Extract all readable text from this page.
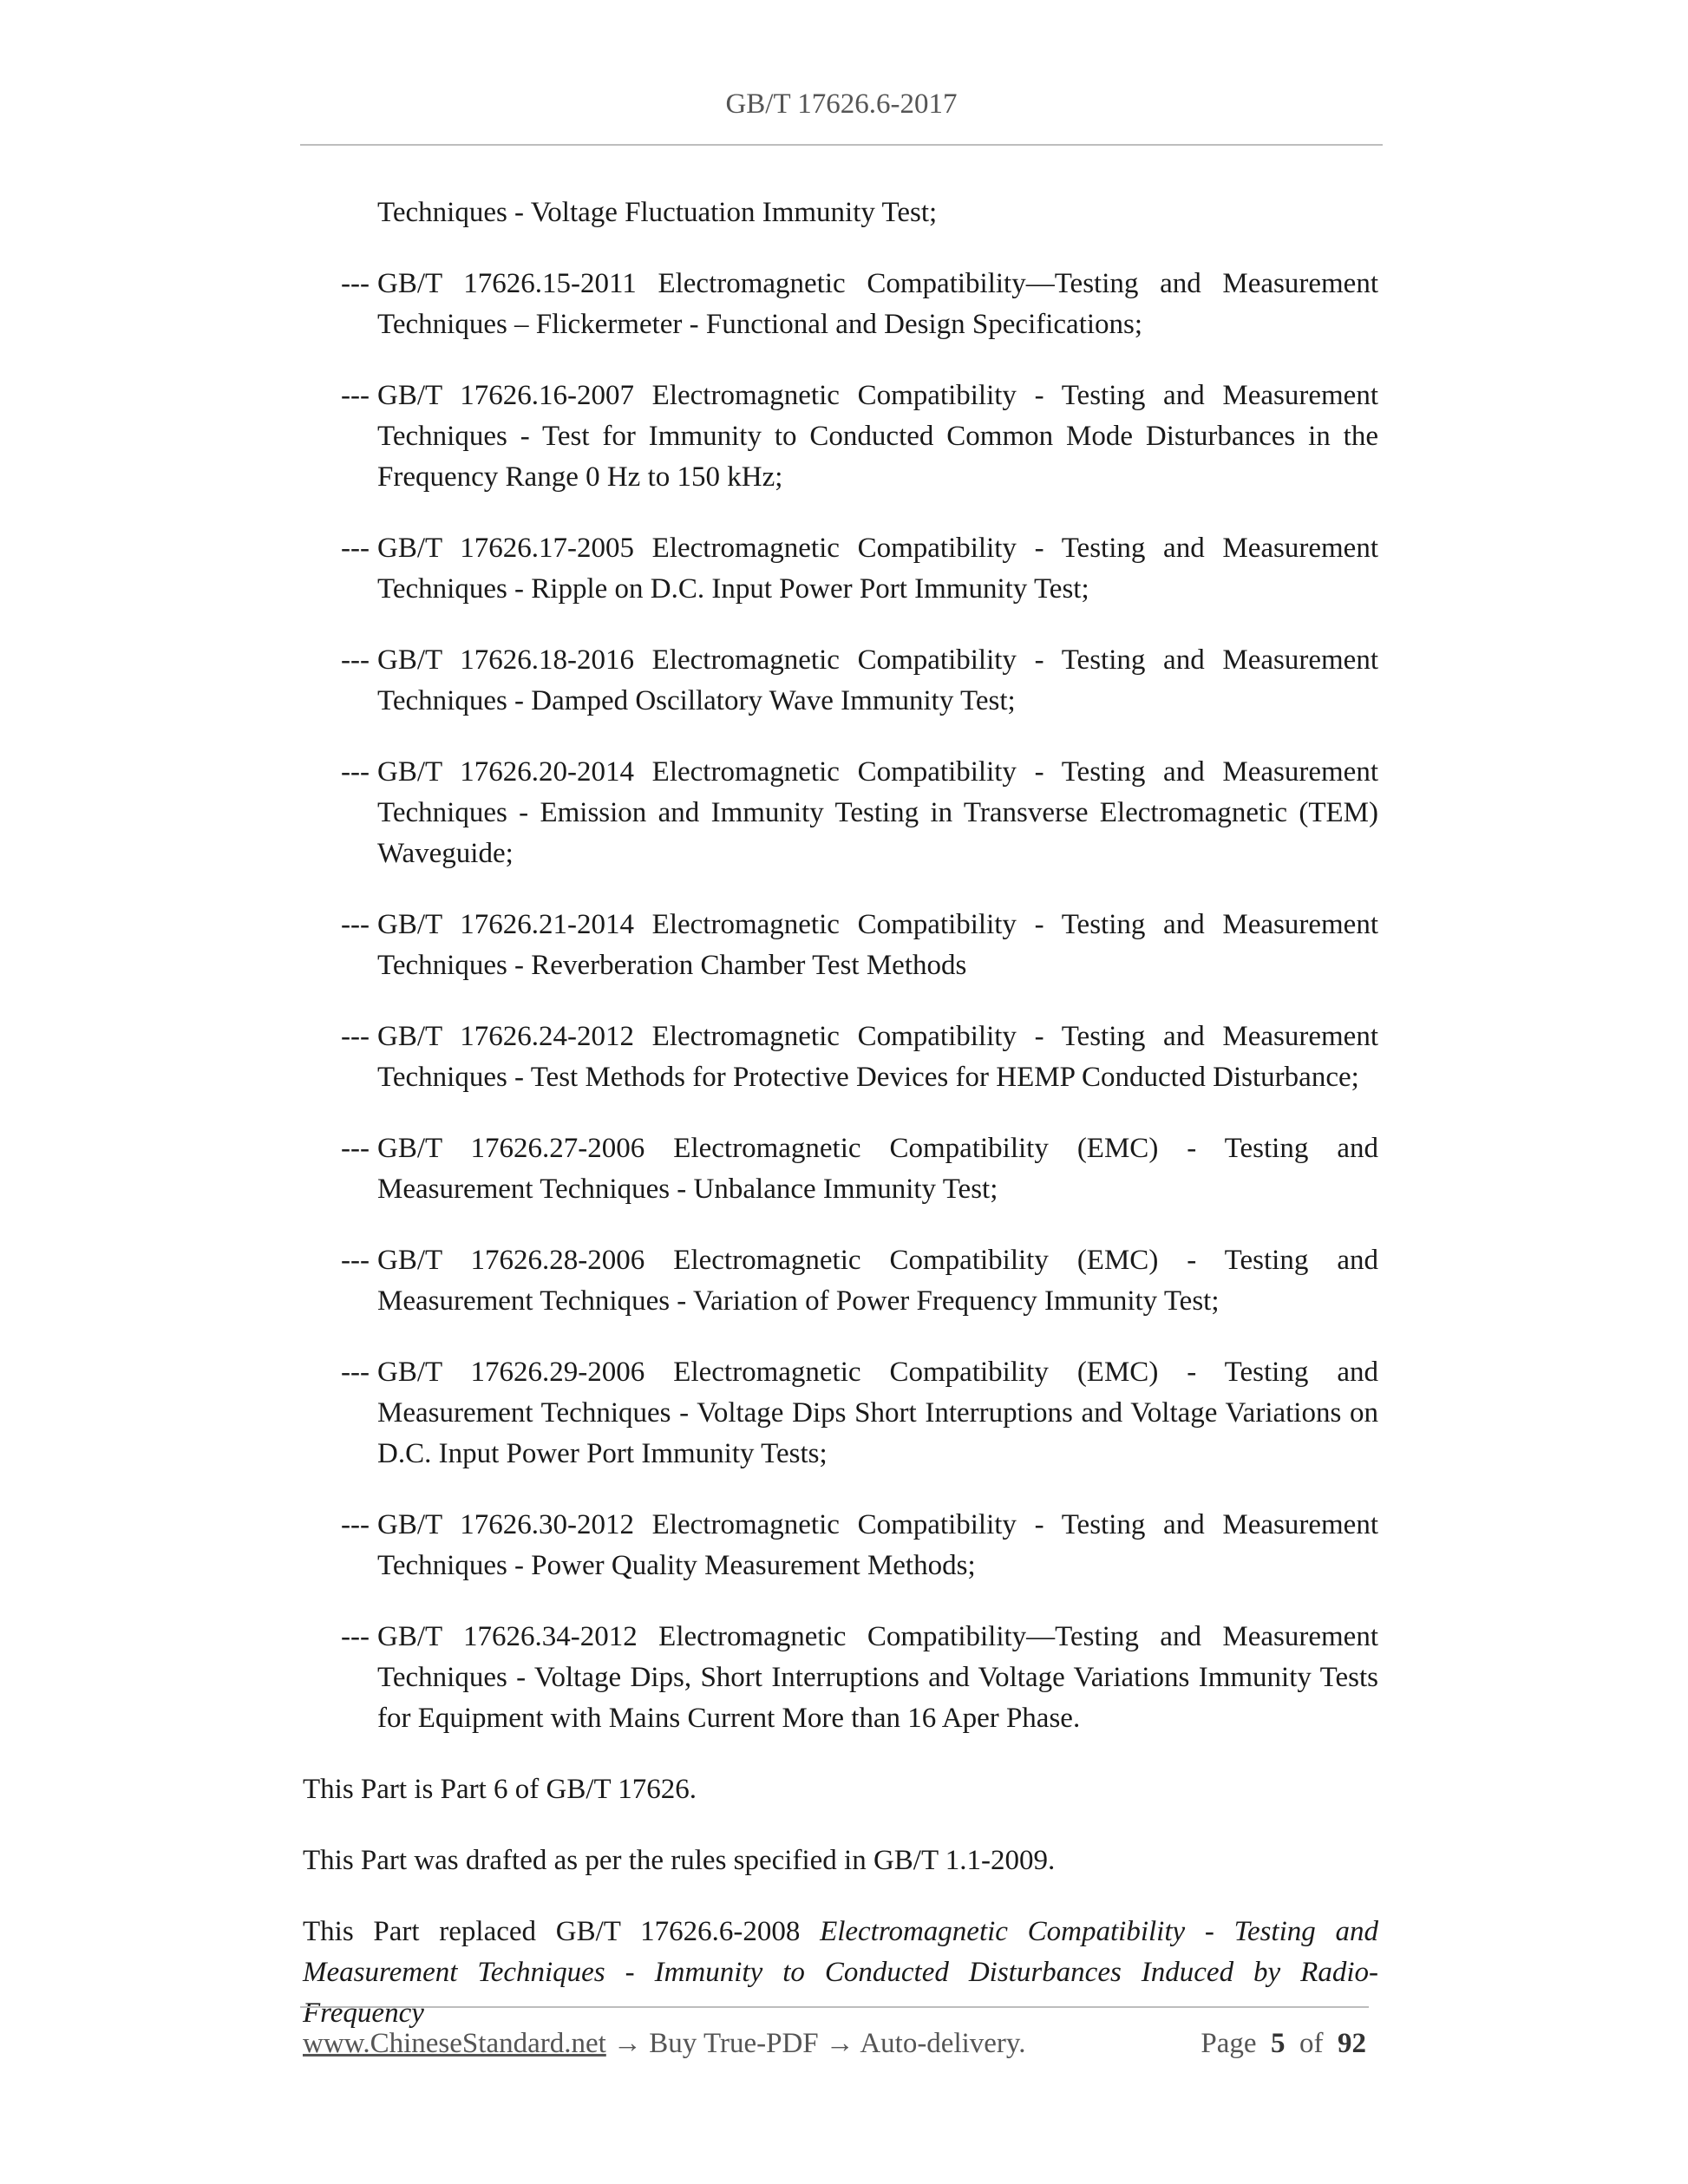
GB/T 17626.6-2017

Techniques - Voltage Fluctuation Immunity Test;

--- GB/T 17626.15-2011 Electromagnetic Compatibility—Testing and Measurement Techniques – Flickermeter - Functional and Design Specifications;
--- GB/T 17626.16-2007 Electromagnetic Compatibility - Testing and Measurement Techniques - Test for Immunity to Conducted Common Mode Disturbances in the Frequency Range 0 Hz to 150 kHz;
--- GB/T 17626.17-2005 Electromagnetic Compatibility - Testing and Measurement Techniques - Ripple on D.C. Input Power Port Immunity Test;
--- GB/T 17626.18-2016 Electromagnetic Compatibility - Testing and Measurement Techniques - Damped Oscillatory Wave Immunity Test;
--- GB/T 17626.20-2014 Electromagnetic Compatibility - Testing and Measurement Techniques - Emission and Immunity Testing in Transverse Electromagnetic (TEM) Waveguide;
--- GB/T 17626.21-2014 Electromagnetic Compatibility - Testing and Measurement Techniques - Reverberation Chamber Test Methods
--- GB/T 17626.24-2012 Electromagnetic Compatibility - Testing and Measurement Techniques - Test Methods for Protective Devices for HEMP Conducted Disturbance;
--- GB/T 17626.27-2006 Electromagnetic Compatibility (EMC) - Testing and Measurement Techniques - Unbalance Immunity Test;
--- GB/T 17626.28-2006 Electromagnetic Compatibility (EMC) - Testing and Measurement Techniques - Variation of Power Frequency Immunity Test;
--- GB/T 17626.29-2006 Electromagnetic Compatibility (EMC) - Testing and Measurement Techniques - Voltage Dips Short Interruptions and Voltage Variations on D.C. Input Power Port Immunity Tests;
--- GB/T 17626.30-2012 Electromagnetic Compatibility - Testing and Measurement Techniques - Power Quality Measurement Methods;
--- GB/T 17626.34-2012 Electromagnetic Compatibility—Testing and Measurement Techniques - Voltage Dips, Short Interruptions and Voltage Variations Immunity Tests for Equipment with Mains Current More than 16 Aper Phase.

This Part is Part 6 of GB/T 17626.

This Part was drafted as per the rules specified in GB/T 1.1-2009.

This Part replaced GB/T 17626.6-2008 Electromagnetic Compatibility - Testing and Measurement Techniques - Immunity to Conducted Disturbances Induced by Radio-Frequency

www.ChineseStandard.net → Buy True-PDF → Auto-delivery.	Page 5 of 92
